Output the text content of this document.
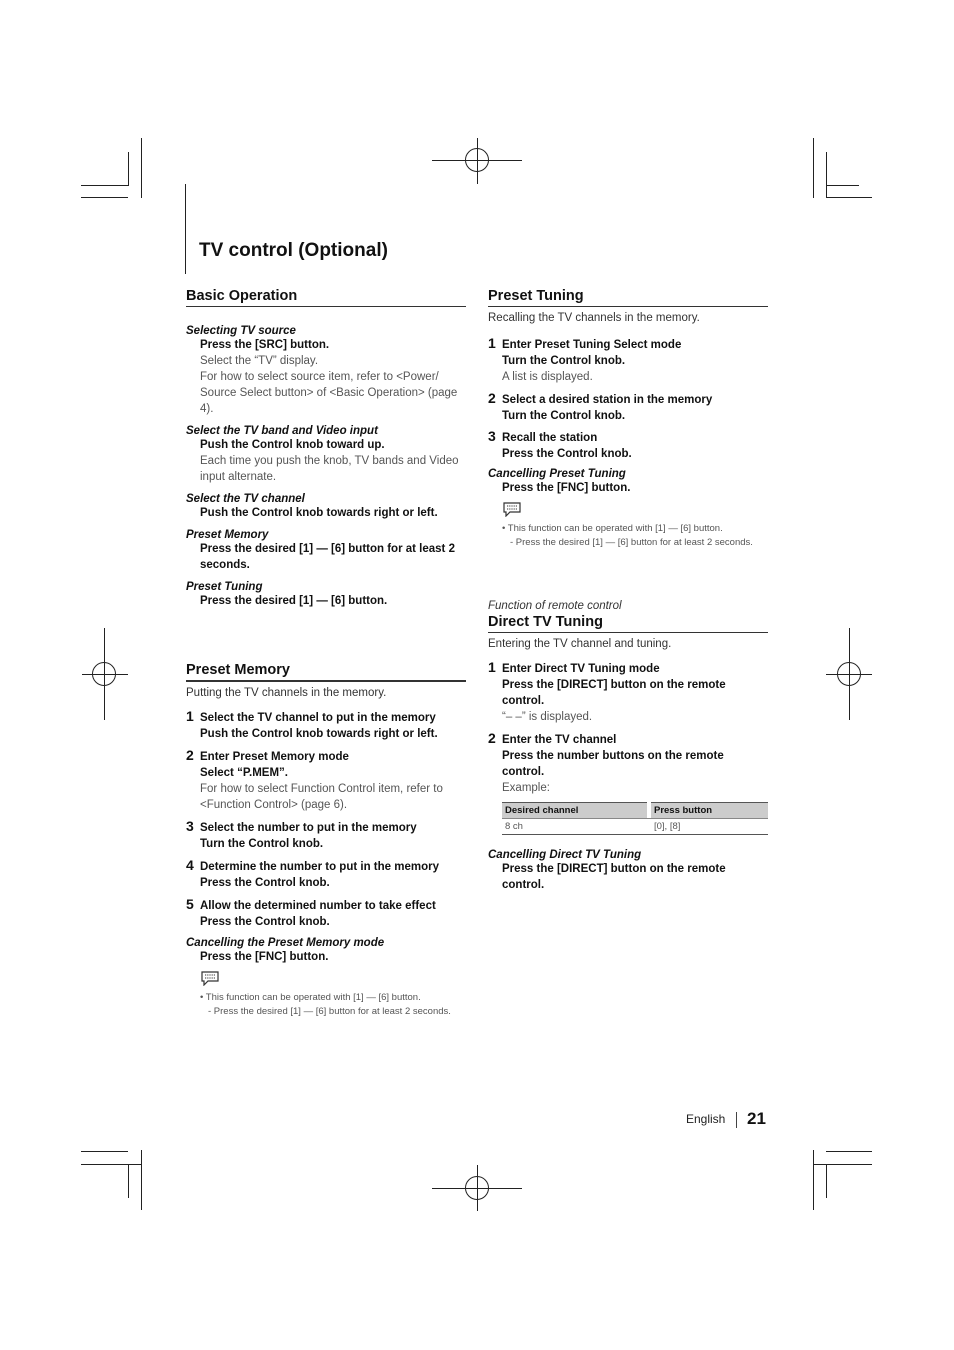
TV control (Optional)
Basic Operation
Selecting TV source
Press the [SRC] button.
Select the “TV” display.
For how to select source item, refer to <Power/ Source Select button> of <Basic Operation> (page 4).
Select the TV band and Video input
Push the Control knob toward up.
Each time you push the knob, TV bands and Video input alternate.
Select the TV channel
Push the Control knob towards right or left.
Preset Memory
Press the desired [1] — [6] button for at least 2 seconds.
Preset Tuning
Press the desired [1] — [6] button.
Preset Memory
Putting the TV channels in the memory.
1 Select the TV channel to put in the memory
Push the Control knob towards right or left.
2 Enter Preset Memory mode
Select “P.MEM”.
For how to select Function Control item, refer to <Function Control> (page 6).
3 Select the number to put in the memory
Turn the Control knob.
4 Determine the number to put in the memory
Press the Control knob.
5 Allow the determined number to take effect
Press the Control knob.
Cancelling the Preset Memory mode
Press the [FNC] button.
• This function can be operated with [1] — [6] button.
- Press the desired [1] — [6] button for at least 2 seconds.
Preset Tuning
Recalling the TV channels in the memory.
1 Enter Preset Tuning Select mode
Turn the Control knob.
A list is displayed.
2 Select a desired station in the memory
Turn the Control knob.
3 Recall the station
Press the Control knob.
Cancelling Preset Tuning
Press the [FNC] button.
• This function can be operated with [1] — [6] button.
- Press the desired [1] — [6] button for at least 2 seconds.
Function of remote control
Direct TV Tuning
Entering the TV channel and tuning.
1 Enter Direct TV Tuning mode
Press the [DIRECT] button on the remote control.
“– –” is displayed.
2 Enter the TV channel
Press the number buttons on the remote control.
Example:
Desired channel		Press button
8 ch		[0], [8]
Cancelling Direct TV Tuning
Press the [DIRECT] button on the remote control.
English 21
